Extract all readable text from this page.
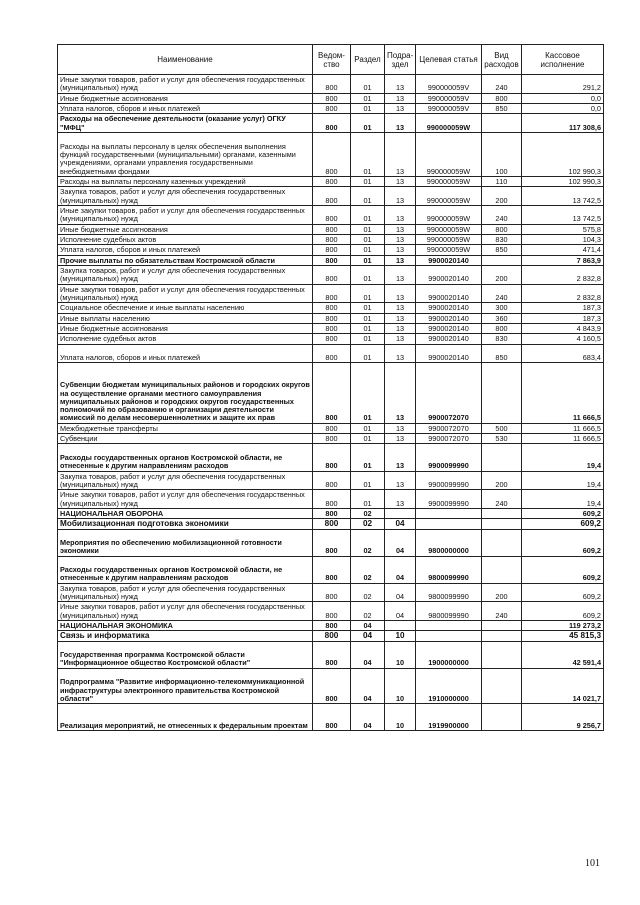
Наименование	Ведом-ство	Раздел	Подра-здел	Целевая статья	Вид расходов	Кассовое исполнение
Иные закупки товаров, работ и услуг для обеспечения государственных (муниципальных) нужд	800	01	13	990000059V	240	291,2
Иные бюджетные ассигнования	800	01	13	990000059V	800	0,0
Уплата налогов, сборов и иных платежей	800	01	13	990000059V	850	0,0
Расходы на обеспечение деятельности (оказание услуг) ОГКУ "МФЦ"	800	01	13	990000059W		117 308,6
Расходы на выплаты персоналу в целях обеспечения выполнения функций государственными (муниципальными) органами, казенными учреждениями, органами управления государственными внебюджетными фондами	800	01	13	990000059W	100	102 990,3
Расходы на выплаты персоналу казенных учреждений	800	01	13	990000059W	110	102 990,3
Закупка товаров, работ и услуг для обеспечения государственных (муниципальных) нужд	800	01	13	990000059W	200	13 742,5
Иные закупки товаров, работ и услуг для обеспечения государственных (муниципальных) нужд	800	01	13	990000059W	240	13 742,5
Иные бюджетные ассигнования	800	01	13	990000059W	800	575,8
Исполнение судебных актов	800	01	13	990000059W	830	104,3
Уплата налогов, сборов и иных платежей	800	01	13	990000059W	850	471,4
Прочие выплаты по обязательствам Костромской области	800	01	13	9900020140		7 863,9
Закупка товаров, работ и услуг для обеспечения государственных (муниципальных) нужд	800	01	13	9900020140	200	2 832,8
Иные закупки товаров, работ и услуг для обеспечения государственных (муниципальных) нужд	800	01	13	9900020140	240	2 832,8
Социальное обеспечение и иные выплаты населению	800	01	13	9900020140	300	187,3
Иные выплаты населению	800	01	13	9900020140	360	187,3
Иные бюджетные ассигнования	800	01	13	9900020140	800	4 843,9
Исполнение судебных актов	800	01	13	9900020140	830	4 160,5
Уплата налогов, сборов и иных платежей	800	01	13	9900020140	850	683,4
Субвенции бюджетам муниципальных районов и городских округов на осуществление органами местного самоуправления муниципальных районов и городских округов государственных полномочий по образованию и организации деятельности комиссий по делам несовершеннолетних и защите их прав	800	01	13	9900072070		11 666,5
Межбюджетные трансферты	800	01	13	9900072070	500	11 666,5
Субвенции	800	01	13	9900072070	530	11 666,5
Расходы государственных органов Костромской области, не отнесенные к другим направлениям расходов	800	01	13	9900099990		19,4
Закупка товаров, работ и услуг для обеспечения государственных (муниципальных) нужд	800	01	13	9900099990	200	19,4
Иные закупки товаров, работ и услуг для обеспечения государственных (муниципальных) нужд	800	01	13	9900099990	240	19,4
НАЦИОНАЛЬНАЯ ОБОРОНА	800	02				609,2
Мобилизационная подготовка экономики	800	02	04			609,2
Мероприятия по обеспечению мобилизационной готовности экономики	800	02	04	9800000000		609,2
Расходы государственных органов Костромской области, не отнесенные к другим направлениям расходов	800	02	04	9800099990		609,2
Закупка товаров, работ и услуг для обеспечения государственных (муниципальных) нужд	800	02	04	9800099990	200	609,2
Иные закупки товаров, работ и услуг для обеспечения государственных (муниципальных) нужд	800	02	04	9800099990	240	609,2
НАЦИОНАЛЬНАЯ ЭКОНОМИКА	800	04				119 273,2
Связь и информатика	800	04	10			45 815,3
Государственная программа Костромской области "Информационное общество Костромской области"	800	04	10	1900000000		42 591,4
Подпрограмма "Развитие информационно-телекоммуникационной инфраструктуры электронного правительства Костромской области"	800	04	10	1910000000		14 021,7
Реализация мероприятий, не отнесенных к федеральным проектам	800	04	10	1919900000		9 256,7
101
